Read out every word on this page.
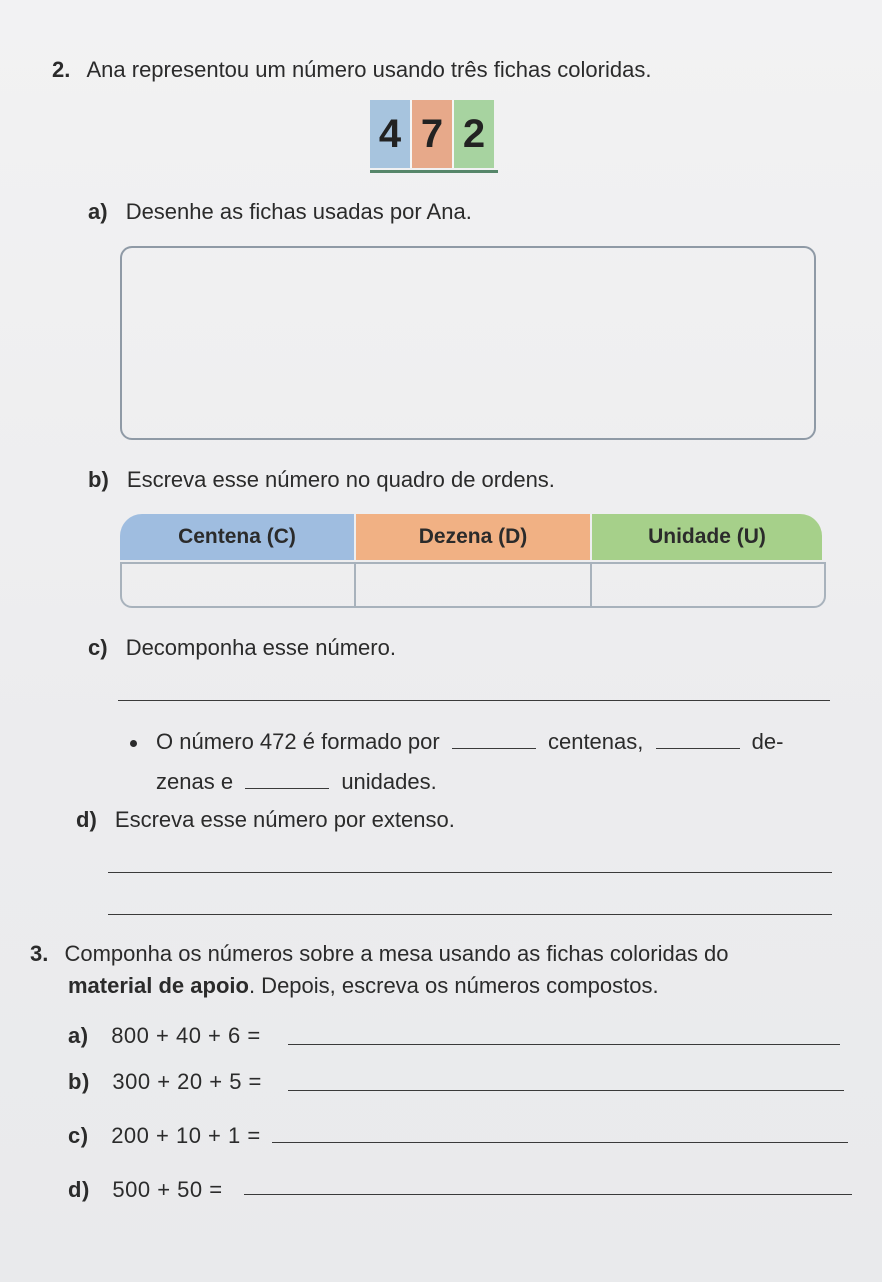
2. Ana representou um número usando três fichas coloridas.
4 7 2
a) Desenhe as fichas usadas por Ana.
b) Escreva esse número no quadro de ordens.
Centena (C)	Dezena (D)	Unidade (U)
c) Decomponha esse número.
O número 472 é formado por	centenas,	de-
zenas e	unidades.
d) Escreva esse número por extenso.
3. Componha os números sobre a mesa usando as fichas coloridas do
material de apoio. Depois, escreva os números compostos.
a) 800 + 40 + 6 =
b) 300 + 20 + 5 =
c) 200 + 10 + 1 =
d) 500 + 50 =
